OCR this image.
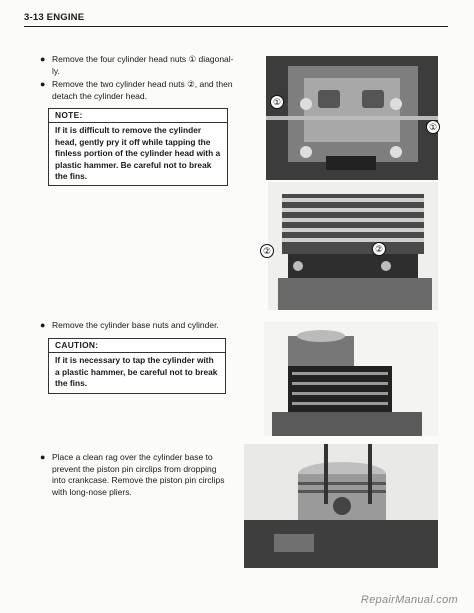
3-13 ENGINE
● Remove the four cylinder head nuts ① diagonal-ly.
● Remove the two cylinder head nuts ②, and then detach the cylinder head.
NOTE:
If it is difficult to remove the cylinder head, gently pry it off while tapping the finless portion of the cylinder head with a plastic hammer. Be careful not to break the fins.
①
①
②	②
● Remove the cylinder base nuts and cylinder.
CAUTION:
If it is necessary to tap the cylinder with a plastic hammer, be careful not to break the fins.
● Place a clean rag over the cylinder base to prevent the piston pin circlips from dropping into crankcase. Remove the piston pin circlips with long-nose pliers.
RepairManual.com
